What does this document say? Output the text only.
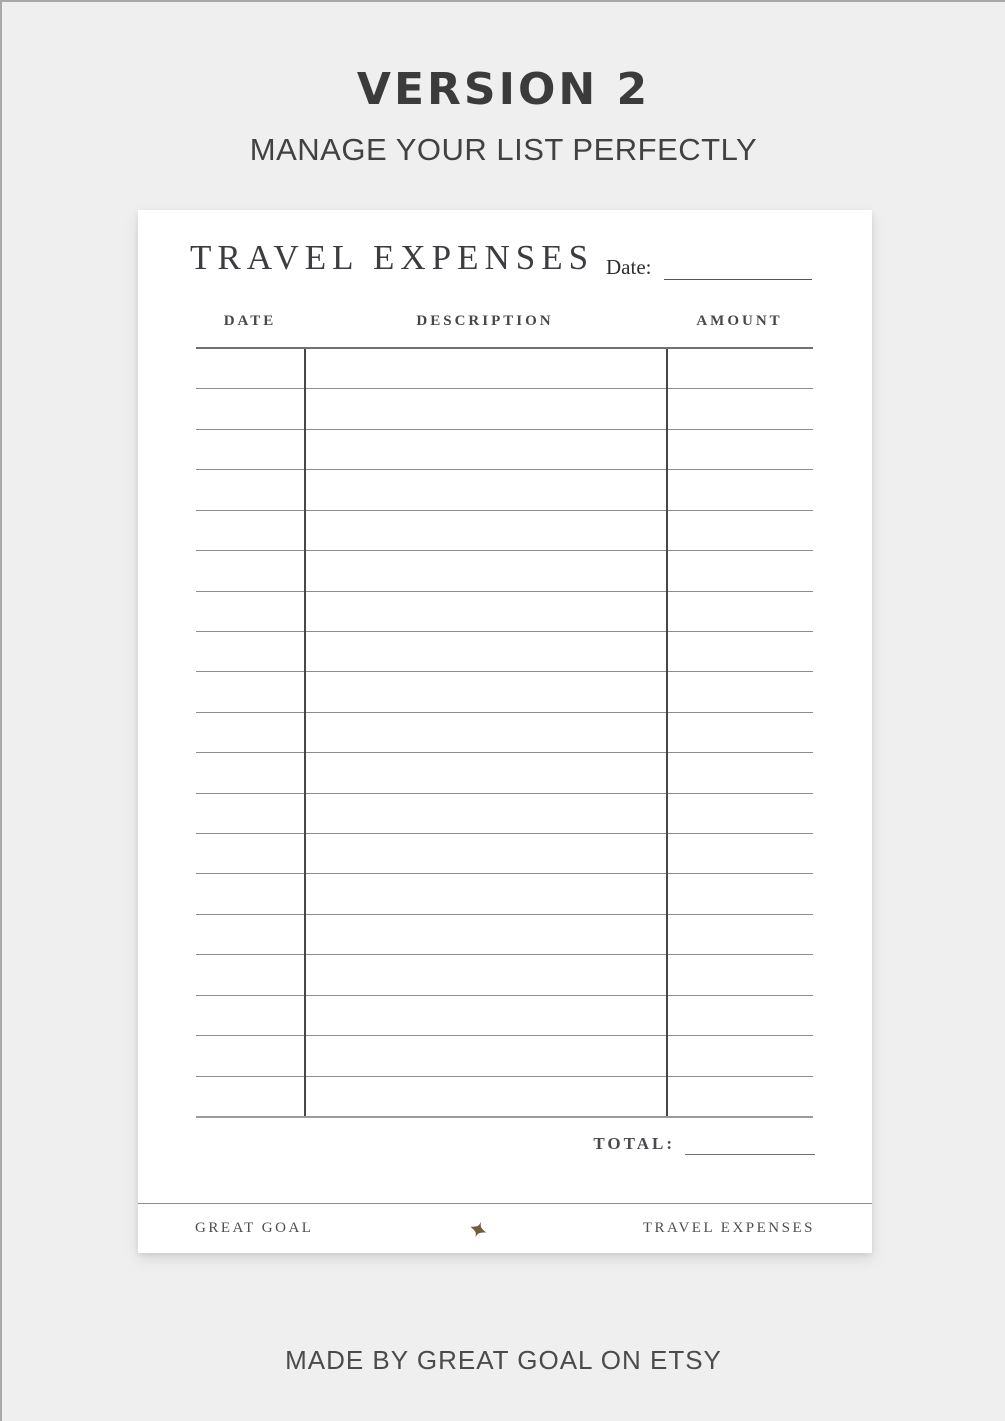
VERSION 2
MANAGE YOUR LIST PERFECTLY
TRAVEL EXPENSES Date:
DATE	DESCRIPTION	AMOUNT
TOTAL:
GREAT GOAL	TRAVEL EXPENSES
MADE BY GREAT GOAL ON ETSY
